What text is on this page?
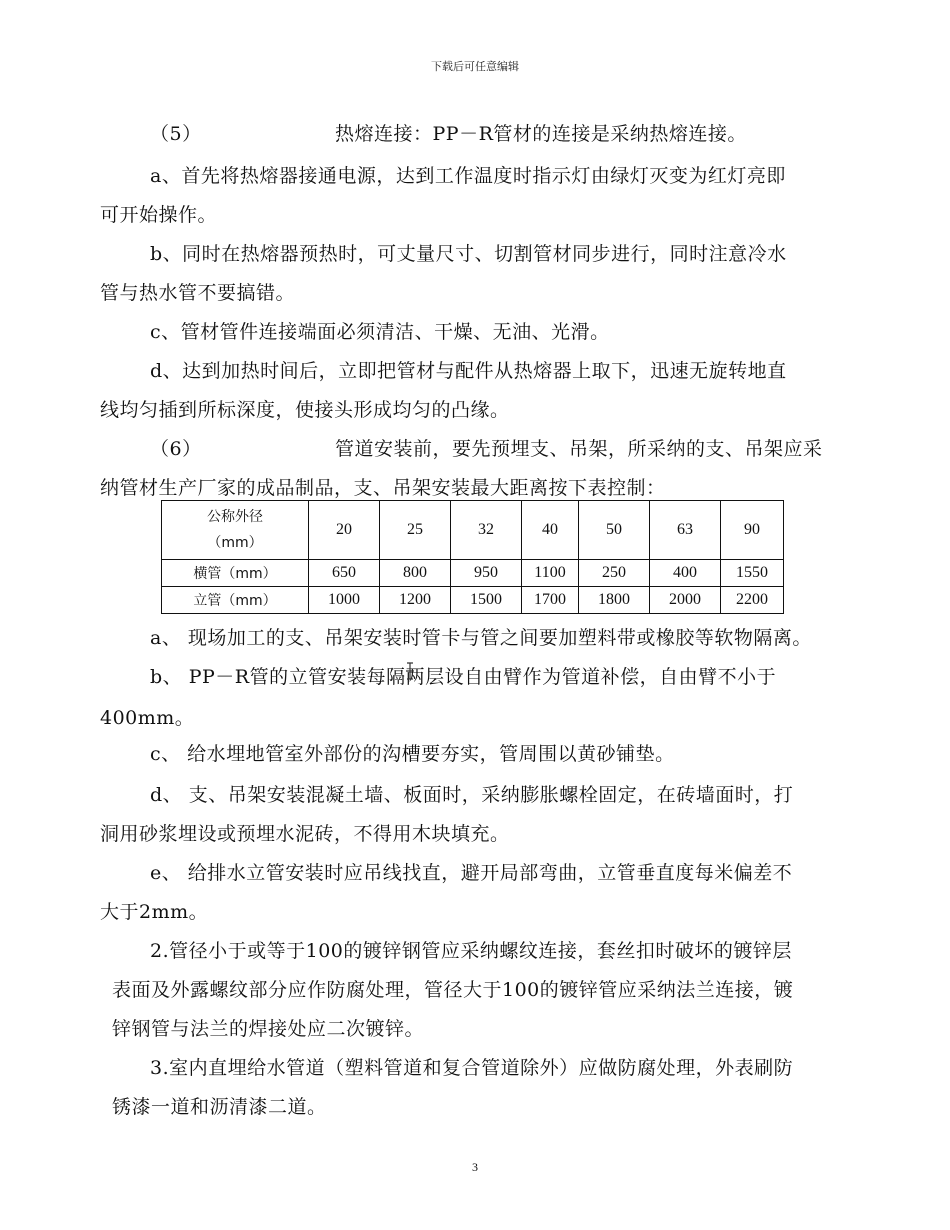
下载后可任意编辑
（5）	热熔连接：PP－R管材的连接是采纳热熔连接。
a、首先将热熔器接通电源，达到工作温度时指示灯由绿灯灭变为红灯亮即
可开始操作。
b、同时在热熔器预热时，可丈量尺寸、切割管材同步进行，同时注意冷水
管与热水管不要搞错。
c、管材管件连接端面必须清洁、干燥、无油、光滑。
d、达到加热时间后，立即把管材与配件从热熔器上取下，迅速无旋转地直
线均匀插到所标深度，使接头形成均匀的凸缘。
（6）	管道安装前，要先预埋支、吊架，所采纳的支、吊架应采
纳管材生产厂家的成品制品，支、吊架安装最大距离按下表控制：
公称外径
（mm）	20	25	32	40	50	63	90
横管（mm）	650	800	950	1100	250	400	1550
立管（mm）	1000	1200	1500	1700	1800	2000	2200
a、 现场加工的支、吊架安装时管卡与管之间要加塑料带或橡胶等软物隔离。
b、 PP－R管的立管安装每隔两层设自由臂作为管道补偿，自由臂不小于
400mm。
c、 给水埋地管室外部份的沟槽要夯实，管周围以黄砂铺垫。
d、 支、吊架安装混凝土墙、板面时，采纳膨胀螺栓固定，在砖墙面时，打
洞用砂浆埋设或预埋水泥砖，不得用木块填充。
e、 给排水立管安装时应吊线找直，避开局部弯曲，立管垂直度每米偏差不
大于2mm。
2.管径小于或等于100的镀锌钢管应采纳螺纹连接，套丝扣时破坏的镀锌层
表面及外露螺纹部分应作防腐处理，管径大于100的镀锌管应采纳法兰连接，镀
锌钢管与法兰的焊接处应二次镀锌。
3.室内直埋给水管道（塑料管道和复合管道除外）应做防腐处理，外表刷防
锈漆一道和沥清漆二道。
3
